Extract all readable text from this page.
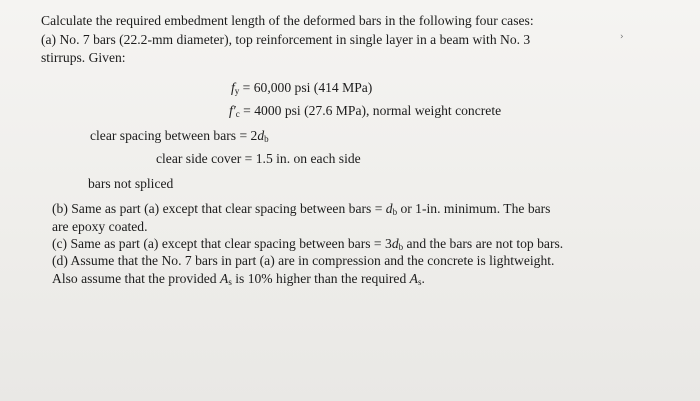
Calculate the required embedment length of the deformed bars in the following four cases:
(a) No. 7 bars (22.2-mm diameter), top reinforcement in single layer in a beam with No. 3
stirrups. Given:
$f_y = 60,000$ psi (414 MPa)
$f'_c = 4000$ psi (27.6 MPa), normal weight concrete
clear spacing between bars = $2d_b$
clear side cover = 1.5 in. on each side
bars not spliced
(b) Same as part (a) except that clear spacing between bars = $d_b$ or 1-in. minimum. The bars
are epoxy coated.
(c) Same as part (a) except that clear spacing between bars = $3d_b$ and the bars are not top bars.
(d) Assume that the No. 7 bars in part (a) are in compression and the concrete is lightweight.
Also assume that the provided $A_s$ is 10% higher than the required $A_s$.
›
